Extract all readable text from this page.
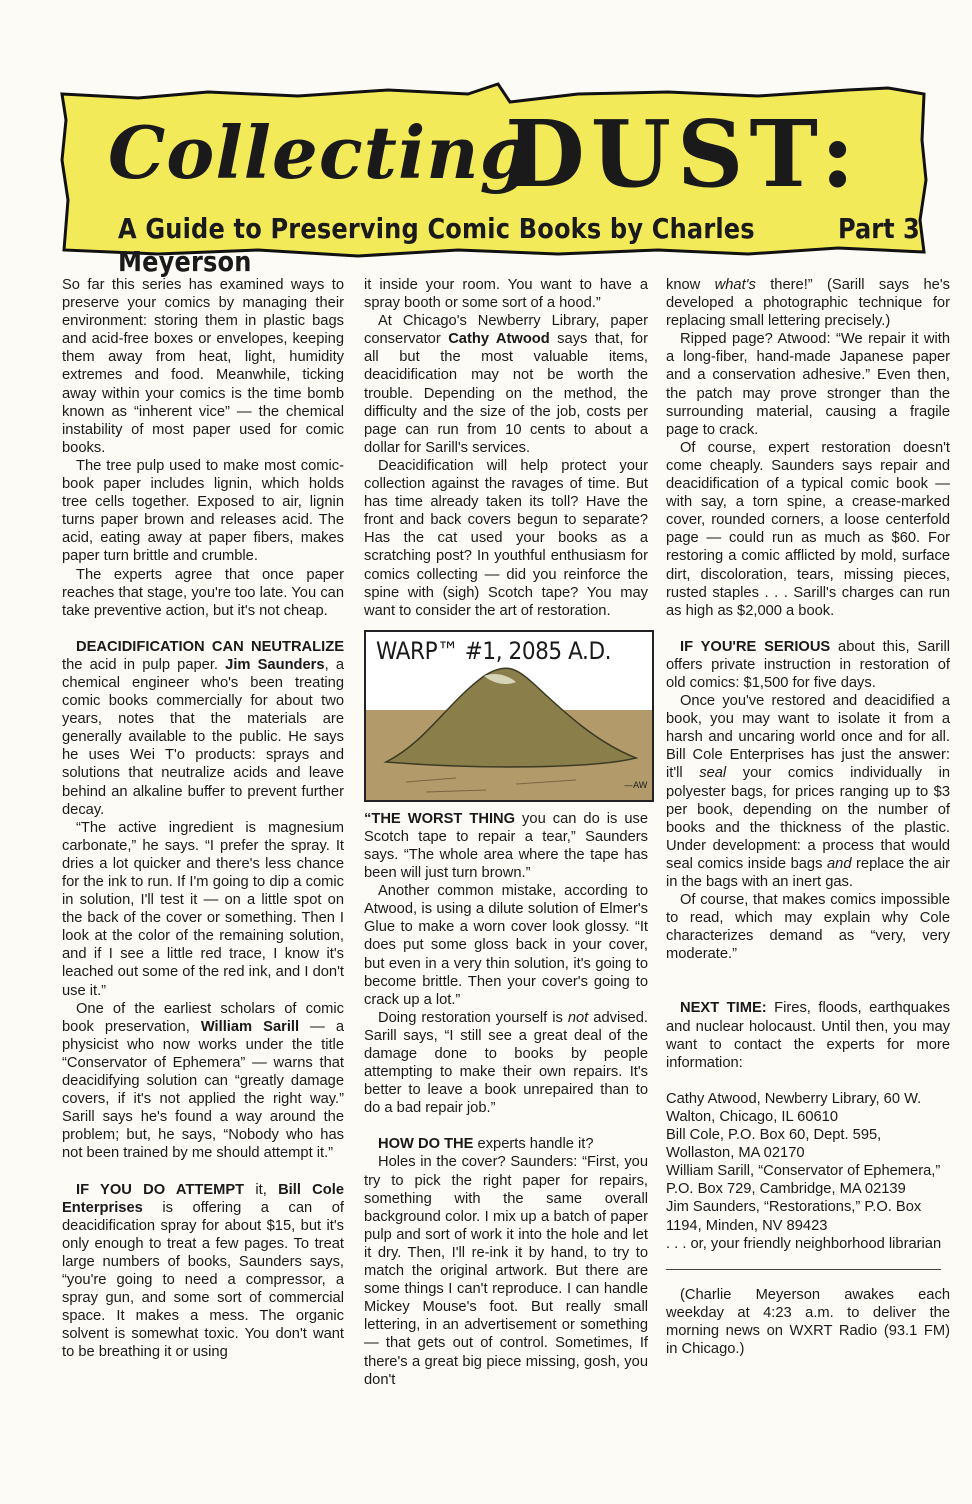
Collecting
DUST:
A Guide to Preserving Comic Books by Charles Meyerson
Part 3

So far this series has examined ways to preserve your comics by managing their environment: storing them in plastic bags and acid-free boxes or envelopes, keeping them away from heat, light, humidity extremes and food. Meanwhile, ticking away within your comics is the time bomb known as “inherent vice” — the chemical instability of most paper used for comic books.

The tree pulp used to make most comic-book paper includes lignin, which holds tree cells together. Exposed to air, lignin turns paper brown and releases acid. The acid, eating away at paper fibers, makes paper turn brittle and crumble.

The experts agree that once paper reaches that stage, you're too late. You can take preventive action, but it's not cheap.

DEACIDIFICATION CAN NEUTRALIZE the acid in pulp paper. Jim Saunders, a chemical engineer who's been treating comic books commercially for about two years, notes that the materials are generally available to the public. He says he uses Wei T'o products: sprays and solutions that neutralize acids and leave behind an alkaline buffer to prevent further decay.

“The active ingredient is magnesium carbonate,” he says. “I prefer the spray. It dries a lot quicker and there's less chance for the ink to run. If I'm going to dip a comic in solution, I'll test it — on a little spot on the back of the cover or something. Then I look at the color of the remaining solution, and if I see a little red trace, I know it's leached out some of the red ink, and I don't use it.”

One of the earliest scholars of comic book preservation, William Sarill — a physicist who now works under the title “Conservator of Ephemera” — warns that deacidifying solution can “greatly damage covers, if it's not applied the right way.” Sarill says he's found a way around the problem; but, he says, “Nobody who has not been trained by me should attempt it.”

IF YOU DO ATTEMPT it, Bill Cole Enterprises is offering a can of deacidification spray for about $15, but it's only enough to treat a few pages. To treat large numbers of books, Saunders says, “you're going to need a compressor, a spray gun, and some sort of commercial space. It makes a mess. The organic solvent is somewhat toxic. You don't want to be breathing it or using

it inside your room. You want to have a spray booth or some sort of a hood.”

At Chicago's Newberry Library, paper conservator Cathy Atwood says that, for all but the most valuable items, deacidification may not be worth the trouble. Depending on the method, the difficulty and the size of the job, costs per page can run from 10 cents to about a dollar for Sarill's services.

Deacidification will help protect your collection against the ravages of time. But has time already taken its toll? Have the front and back covers begun to separate? Has the cat used your books as a scratching post? In youthful enthusiasm for comics collecting — did you reinforce the spine with (sigh) Scotch tape? You may want to consider the art of restoration.

—AW
WARP™ #1, 2085 A.D.

“THE WORST THING you can do is use Scotch tape to repair a tear,” Saunders says. “The whole area where the tape has been will just turn brown.”

Another common mistake, according to Atwood, is using a dilute solution of Elmer's Glue to make a worn cover look glossy. “It does put some gloss back in your cover, but even in a very thin solution, it's going to become brittle. Then your cover's going to crack up a lot.”

Doing restoration yourself is not advised. Sarill says, “I still see a great deal of the damage done to books by people attempting to make their own repairs. It's better to leave a book unrepaired than to do a bad repair job.”

HOW DO THE experts handle it?

Holes in the cover? Saunders: “First, you try to pick the right paper for repairs, something with the same overall background color. I mix up a batch of paper pulp and sort of work it into the hole and let it dry. Then, I'll re-ink it by hand, to try to match the original artwork. But there are some things I can't reproduce. I can handle Mickey Mouse's foot. But really small lettering, in an advertisement or something — that gets out of control. Sometimes, If there's a great big piece missing, gosh, you don't

know what's there!” (Sarill says he's developed a photographic technique for replacing small lettering precisely.)

Ripped page? Atwood: “We repair it with a long-fiber, hand-made Japanese paper and a conservation adhesive.” Even then, the patch may prove stronger than the surrounding material, causing a fragile page to crack.

Of course, expert restoration doesn't come cheaply. Saunders says repair and deacidification of a typical comic book — with say, a torn spine, a crease-marked cover, rounded corners, a loose centerfold page — could run as much as $60. For restoring a comic afflicted by mold, surface dirt, discoloration, tears, missing pieces, rusted staples . . . Sarill's charges can run as high as $2,000 a book.

IF YOU'RE SERIOUS about this, Sarill offers private instruction in restoration of old comics: $1,500 for five days.

Once you've restored and deacidified a book, you may want to isolate it from a harsh and uncaring world once and for all. Bill Cole Enterprises has just the answer: it'll seal your comics individually in polyester bags, for prices ranging up to $3 per book, depending on the number of books and the thickness of the plastic. Under development: a process that would seal comics inside bags and replace the air in the bags with an inert gas.

Of course, that makes comics impossible to read, which may explain why Cole characterizes demand as “very, very moderate.”

NEXT TIME: Fires, floods, earthquakes and nuclear holocaust. Until then, you may want to contact the experts for more information:

Cathy Atwood, Newberry Library, 60 W. Walton, Chicago, IL 60610

Bill Cole, P.O. Box 60, Dept. 595, Wollaston, MA 02170

William Sarill, “Conservator of Ephemera,” P.O. Box 729, Cambridge, MA 02139

Jim Saunders, “Restorations,” P.O. Box 1194, Minden, NV 89423

. . . or, your friendly neighborhood librarian

(Charlie Meyerson awakes each weekday at 4:23 a.m. to deliver the morning news on WXRT Radio (93.1 FM) in Chicago.)
